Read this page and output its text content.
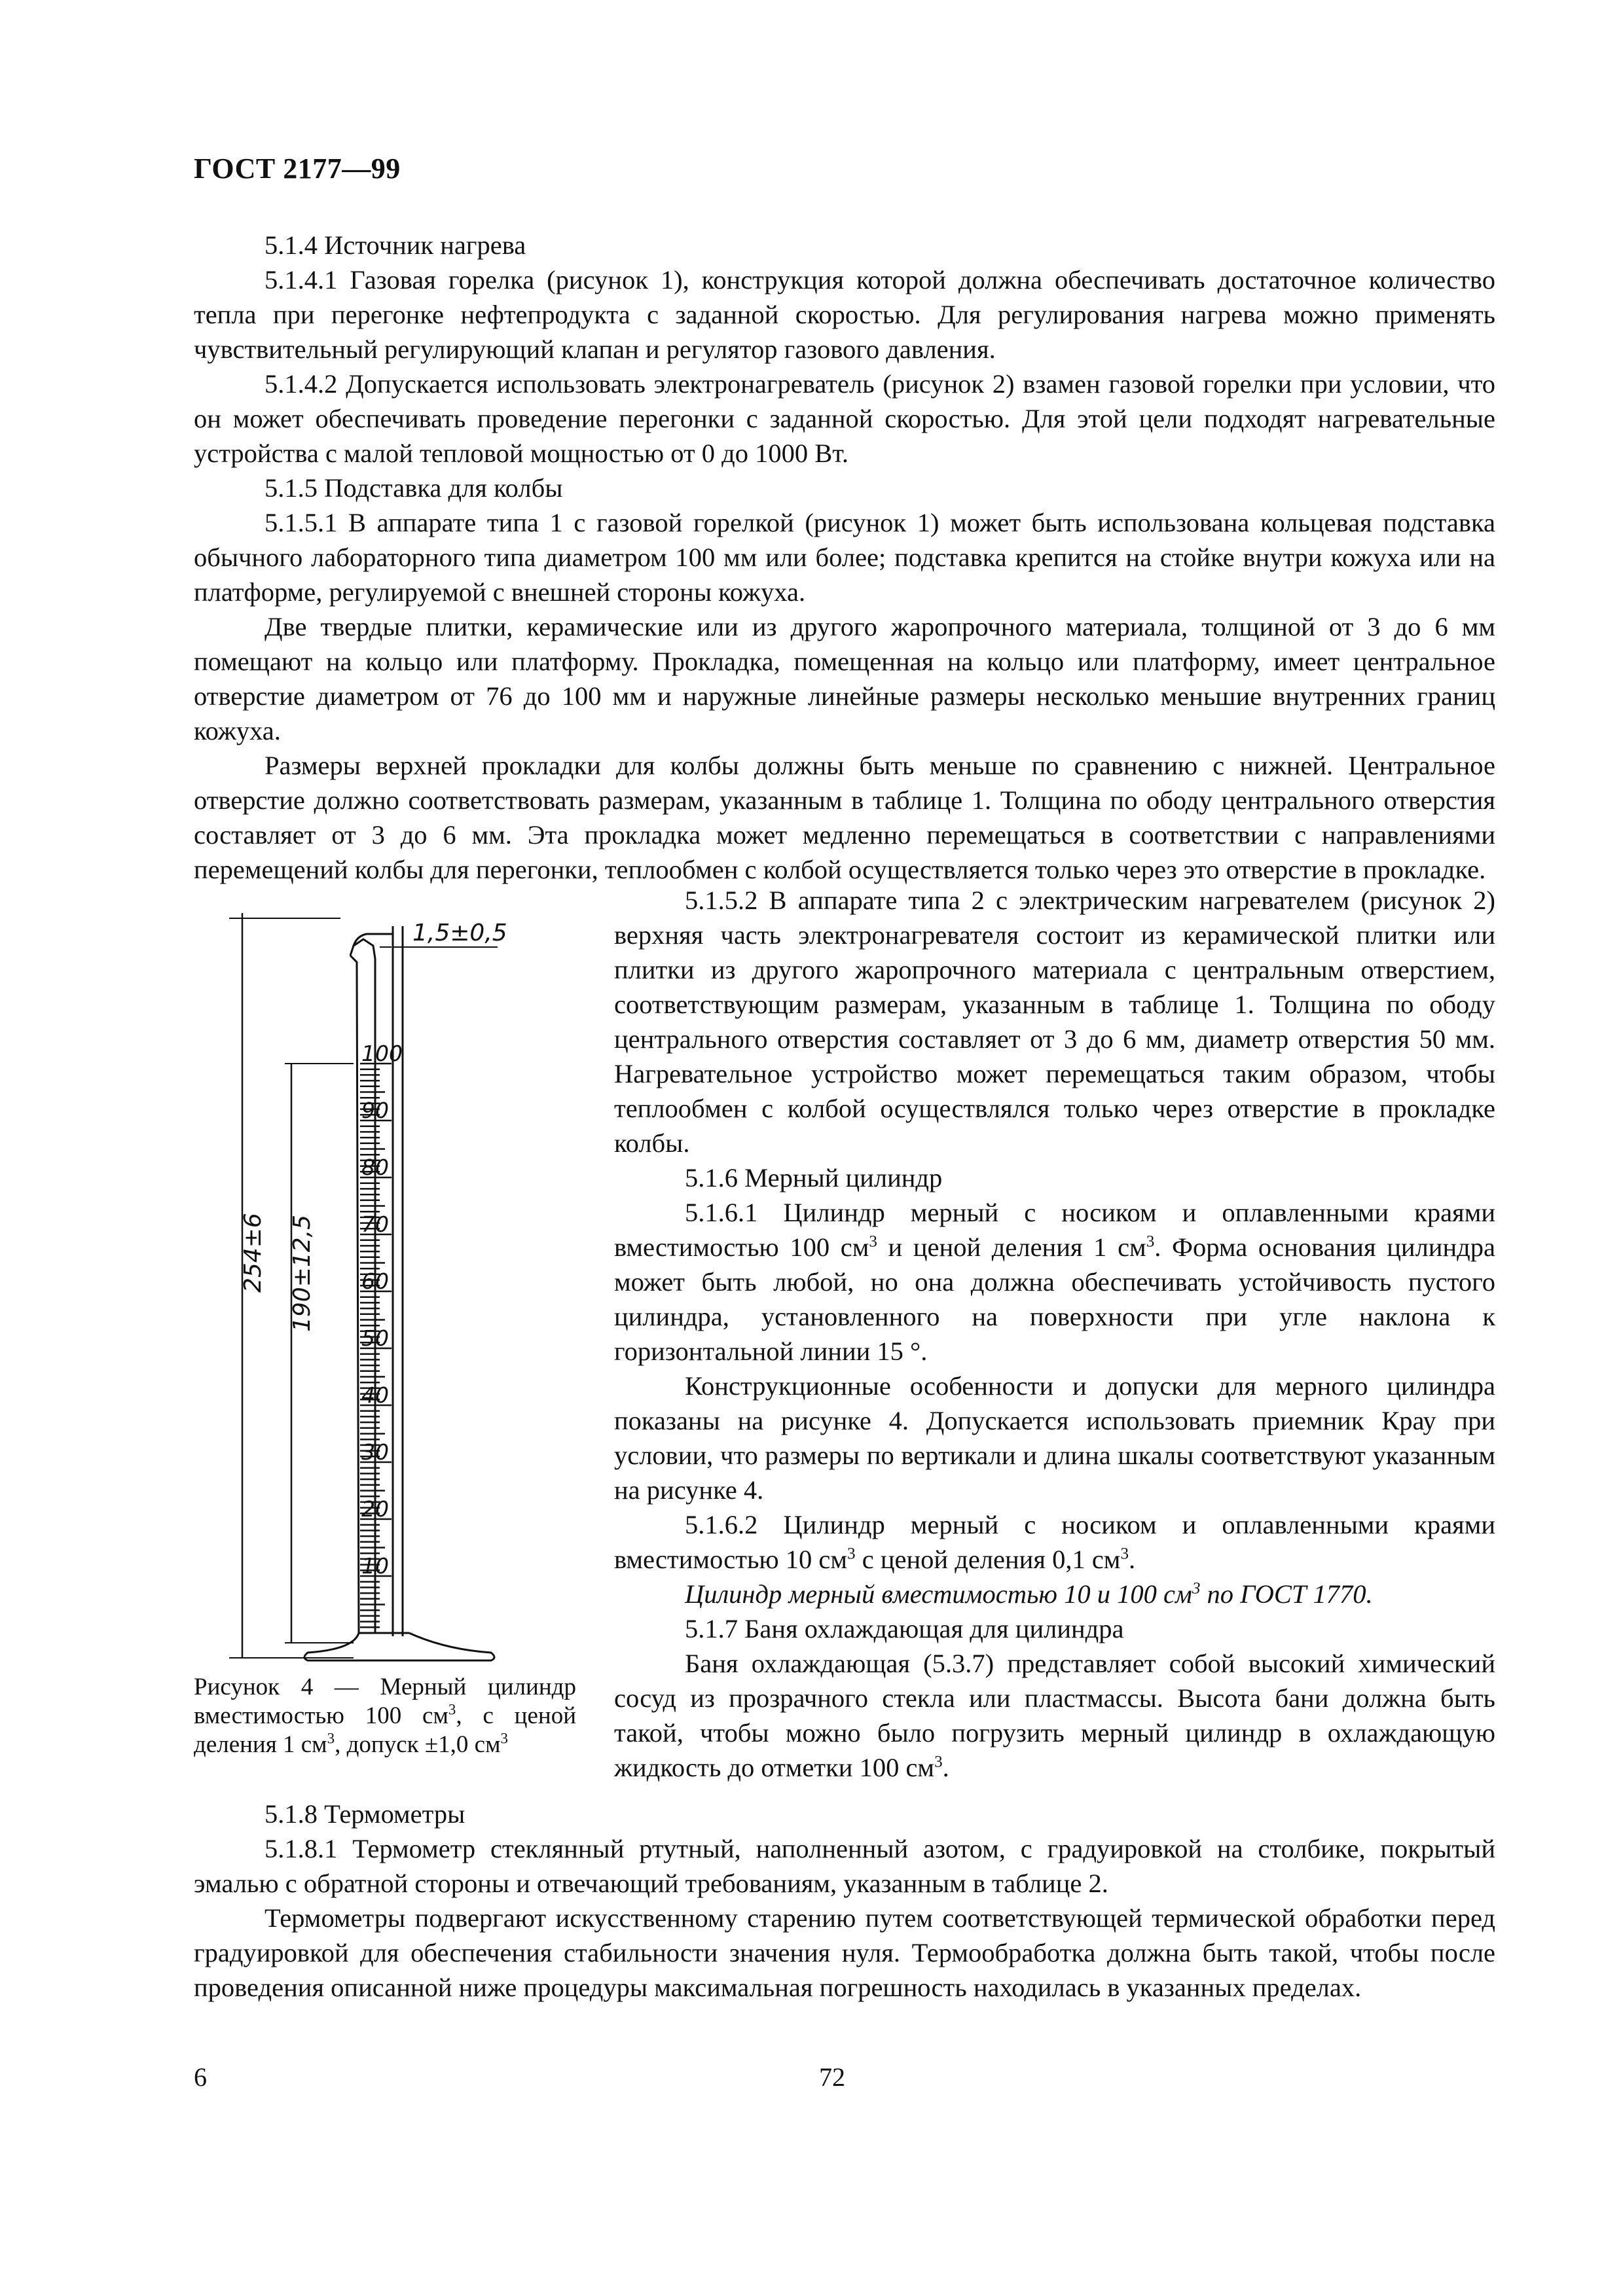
ГОСТ 2177—99

5.1.4 Источник нагрева

5.1.4.1 Газовая горелка (рисунок 1), конструкция которой должна обеспечивать достаточное количество тепла при перегонке нефтепродукта с заданной скоростью. Для регулирования нагрева можно применять чувствительный регулирующий клапан и регулятор газового давления.

5.1.4.2 Допускается использовать электронагреватель (рисунок 2) взамен газовой горелки при условии, что он может обеспечивать проведение перегонки с заданной скоростью. Для этой цели подходят нагревательные устройства с малой тепловой мощностью от 0 до 1000 Вт.

5.1.5 Подставка для колбы

5.1.5.1 В аппарате типа 1 с газовой горелкой (рисунок 1) может быть использована кольцевая подставка обычного лабораторного типа диаметром 100 мм или более; подставка крепится на стойке внутри кожуха или на платформе, регулируемой с внешней стороны кожуха.

Две твердые плитки, керамические или из другого жаропрочного материала, толщиной от 3 до 6 мм помещают на кольцо или платформу. Прокладка, помещенная на кольцо или платформу, имеет центральное отверстие диаметром от 76 до 100 мм и наружные линейные размеры несколько меньшие внутренних границ кожуха.

Размеры верхней прокладки для колбы должны быть меньше по сравнению с нижней. Центральное отверстие должно соответствовать размерам, указанным в таблице 1. Толщина по ободу центрального отверстия составляет от 3 до 6 мм. Эта прокладка может медленно перемещаться в соответствии с направлениями перемещений колбы для перегонки, теплообмен с колбой осуществляется только через это отверстие в прокладке.

100
90
80
70
60
50
40
30
20
10
1,5±0,5
254±6 190±12,5
Рисунок 4 — Мерный цилиндр вместимостью 100 $см^3$, с ценой деления 1 $см^3$, допуск ±1,0 $см^3$

5.1.5.2 В аппарате типа 2 с электрическим нагревателем (рисунок 2) верхняя часть электронагревателя состоит из керамической плитки или плитки из другого жаропрочного материала с центральным отверстием, соответствующим размерам, указанным в таблице 1. Толщина по ободу центрального отверстия составляет от 3 до 6 мм, диаметр отверстия 50 мм. Нагревательное устройство может перемещаться таким образом, чтобы теплообмен с колбой осуществлялся только через отверстие в прокладке колбы.

5.1.6 Мерный цилиндр

5.1.6.1 Цилиндр мерный с носиком и оплавленными краями вместимостью 100 $см^3$ и ценой деления 1 $см^3$. Форма основания цилиндра может быть любой, но она должна обеспечивать устойчивость пустого цилиндра, установленного на поверхности при угле наклона к горизонтальной линии 15 °.

Конструкционные особенности и допуски для мерного цилиндра показаны на рисунке 4. Допускается использовать приемник Крау при условии, что размеры по вертикали и длина шкалы соответствуют указанным на рисунке 4.

5.1.6.2 Цилиндр мерный с носиком и оплавленными краями вместимостью 10 $см^3$ с ценой деления 0,1 $см^3$.

Цилиндр мерный вместимостью 10 и 100 $см^3$ по ГОСТ 1770.

5.1.7 Баня охлаждающая для цилиндра

Баня охлаждающая (5.3.7) представляет собой высокий химический сосуд из прозрачного стекла или пластмассы. Высота бани должна быть такой, чтобы можно было погрузить мерный цилиндр в охлаждающую жидкость до отметки 100 $см^3$.

5.1.8 Термометры

5.1.8.1 Термометр стеклянный ртутный, наполненный азотом, с градуировкой на столбике, покрытый эмалью с обратной стороны и отвечающий требованиям, указанным в таблице 2.

Термометры подвергают искусственному старению путем соответствующей термической обработки перед градуировкой для обеспечения стабильности значения нуля. Термообработка должна быть такой, чтобы после проведения описанной ниже процедуры максимальная погрешность находилась в указанных пределах.

6	72
